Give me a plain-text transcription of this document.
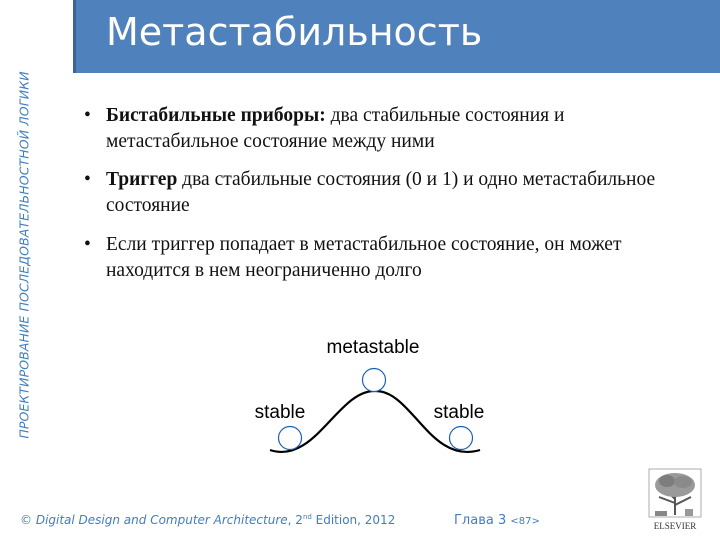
ПРОЕКТИРОВАНИЕ ПОСЛЕДОВАТЕЛЬНОСТНОЙ ЛОГИКИ
Метастабильность
• Бистабильные приборы: два стабильные состояния и метастабильное состояние между ними
• Триггер два стабильные состояния (0 и 1) и одно метастабильное состояние
• Если триггер попадает в метастабильное состояние, он может находится в нем неограниченно долго
metastable
stable	stable
© Digital Design and Computer Architecture, 2nd Edition, 2012	Глава 3 <87>	ELSEVIER
